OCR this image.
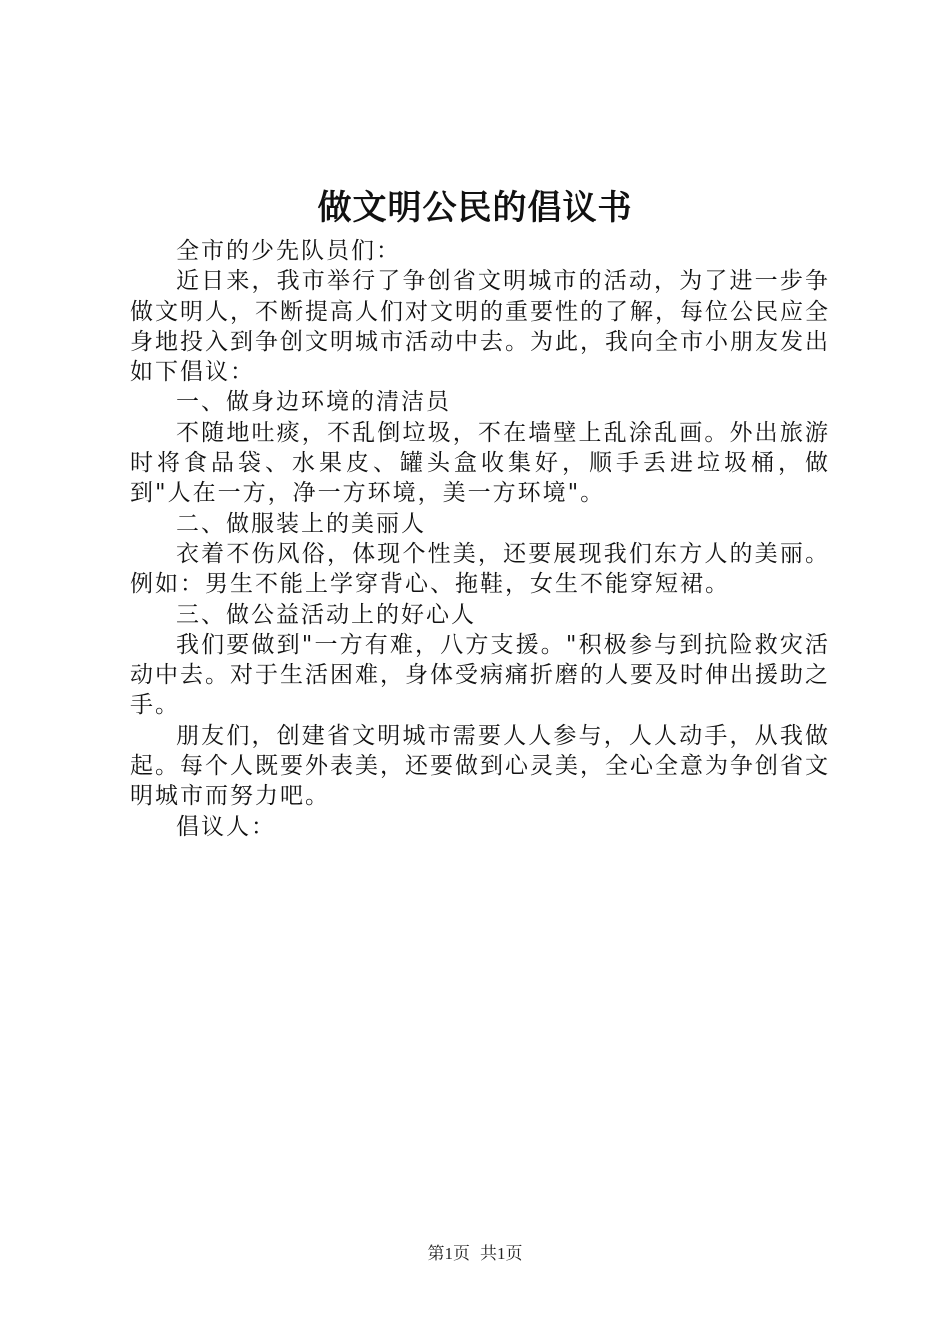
做文明公民的倡议书

全市的少先队员们：

近日来，我市举行了争创省文明城市的活动，为了进一步争做文明人，不断提高人们对文明的重要性的了解，每位公民应全身地投入到争创文明城市活动中去。为此，我向全市小朋友发出如下倡议：

一、做身边环境的清洁员

不随地吐痰，不乱倒垃圾，不在墙壁上乱涂乱画。外出旅游时将食品袋、水果皮、罐头盒收集好，顺手丢进垃圾桶，做到"人在一方，净一方环境，美一方环境"。

二、做服装上的美丽人

衣着不伤风俗，体现个性美，还要展现我们东方人的美丽。例如：男生不能上学穿背心、拖鞋，女生不能穿短裙。

三、做公益活动上的好心人

我们要做到"一方有难，八方支援。"积极参与到抗险救灾活动中去。对于生活困难，身体受病痛折磨的人要及时伸出援助之手。

朋友们，创建省文明城市需要人人参与，人人动手，从我做起。每个人既要外表美，还要做到心灵美，全心全意为争创省文明城市而努力吧。

倡议人：

第1页 共1页
